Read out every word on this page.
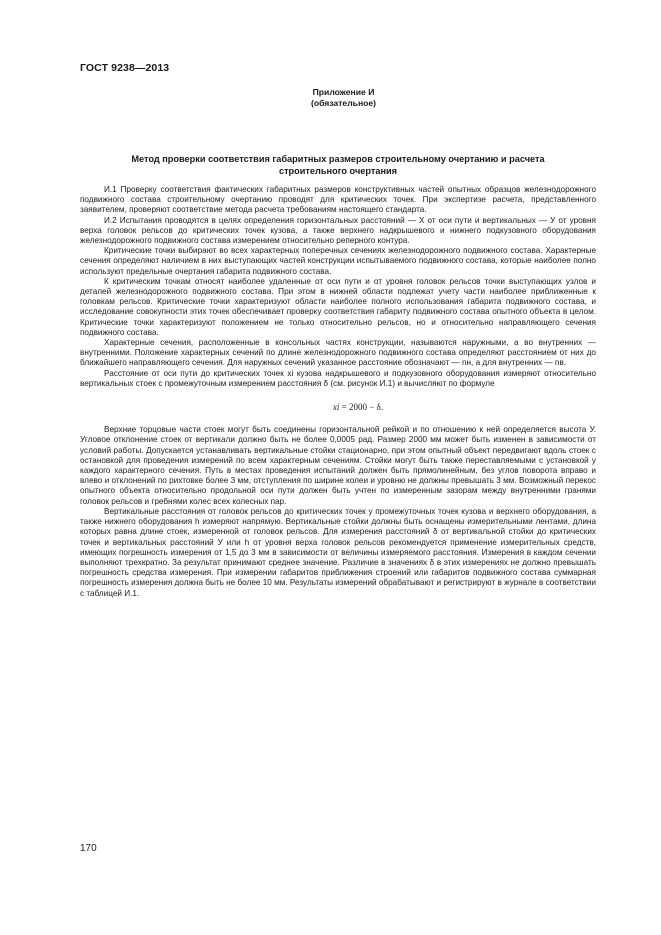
ГОСТ 9238—2013
Приложение И
(обязательное)
Метод проверки соответствия габаритных размеров строительному очертанию и расчета
строительного очертания

И.1 Проверку соответствия фактических габаритных размеров конструктивных частей опытных образцов железнодорожного подвижного состава строительному очертанию проводят для критических точек. При экспертизе расчета, представленного заявителем, проверяют соответствие метода расчета требованиям настоящего стандарта.

И.2 Испытания проводятся в целях определения горизонтальных расстояний — X от оси пути и вертикальных — У от уровня верха головок рельсов до критических точек кузова, а также верхнего надкрышевого и нижнего подкузовного оборудования железнодорожного подвижного состава измерением относительно реперного контура.

Критические точки выбирают во всех характерных поперечных сечениях железнодорожного подвижного состава. Характерные сечения определяют наличием в них выступающих частей конструкции испытываемого подвижного состава, которые наиболее полно используют предельные очертания габарита подвижного состава.

К критическим точкам относят наиболее удаленные от оси пути и от уровня головок рельсов точки выступающих узлов и деталей железнодорожного подвижного состава. При этом в нижней области подлежат учету части наиболее приближенные к головкам рельсов. Критические точки характеризуют области наиболее полного использования габарита подвижного состава, и исследование совокупности этих точек обеспечивает проверку соответствия габариту подвижного состава опытного объекта в целом. Критические точки характеризуют положением не только относительно рельсов, но и относительно направляющего сечения подвижного состава.

Характерные сечения, расположенные в консольных частях конструкции, называются наружными, а во внутренних — внутренними. Положение характерных сечений по длине железнодорожного подвижного состава определяют расстоянием от них до ближайшего направляющего сечения. Для наружных сечений указанное расстояние обозначают — nн, а для внутренних — nв.

Расстояние от оси пути до критических точек xi кузова надкрышевого и подкузовного оборудования измеряют относительно вертикальных стоек с промежуточным измерением расстояния δ (см. рисунок И.1) и вычисляют по формуле

xi = 2000 − δ.

Верхние торцовые части стоек могут быть соединены горизонтальной рейкой и по отношению к ней определяется высота У. Угловое отклонение стоек от вертикали должно быть не более 0,0005 рад. Размер 2000 мм может быть изменен в зависимости от условий работы. Допускается устанавливать вертикальные стойки стационарно, при этом опытный объект передвигают вдоль стоек с остановкой для проведения измерений по всем характерным сечениям. Стойки могут быть также переставляемыми с установкой у каждого характерного сечения. Путь в местах проведения испытаний должен быть прямолинейным, без углов поворота вправо и влево и отклонений по рихтовке более 3 мм, отступления по ширине колеи и уровню не должны превышать 3 мм. Возможный перекос опытного объекта относительно продольной оси пути должен быть учтен по измеренным зазорам между внутренними гранями головок рельсов и гребнями колес всех колесных пар.

Вертикальные расстояния от головок рельсов до критических точек у промежуточных точек кузова и верхнего оборудования, а также нижнего оборудования h измеряют напрямую. Вертикальные стойки должны быть оснащены измерительными лентами, длина которых равна длине стоек, измеренной от головок рельсов. Для измерения расстояний δ от вертикальной стойки до критических точек и вертикальных расстояний У или h от уровня верха головок рельсов рекомендуется применение измерительных средств, имеющих погрешность измерения от 1,5 до 3 мм в зависимости от величины измеряемого расстояния. Измерения в каждом сечении выполняют трехкратно. За результат принимают среднее значение. Различие в значениях δ в этих измерениях не должно превышать погрешность средства измерения. При измерении габаритов приближения строений или габаритов подвижного состава суммарная погрешность измерения должна быть не более 10 мм. Результаты измерений обрабатывают и регистрируют в журнале в соответствии с таблицей И.1.

170
